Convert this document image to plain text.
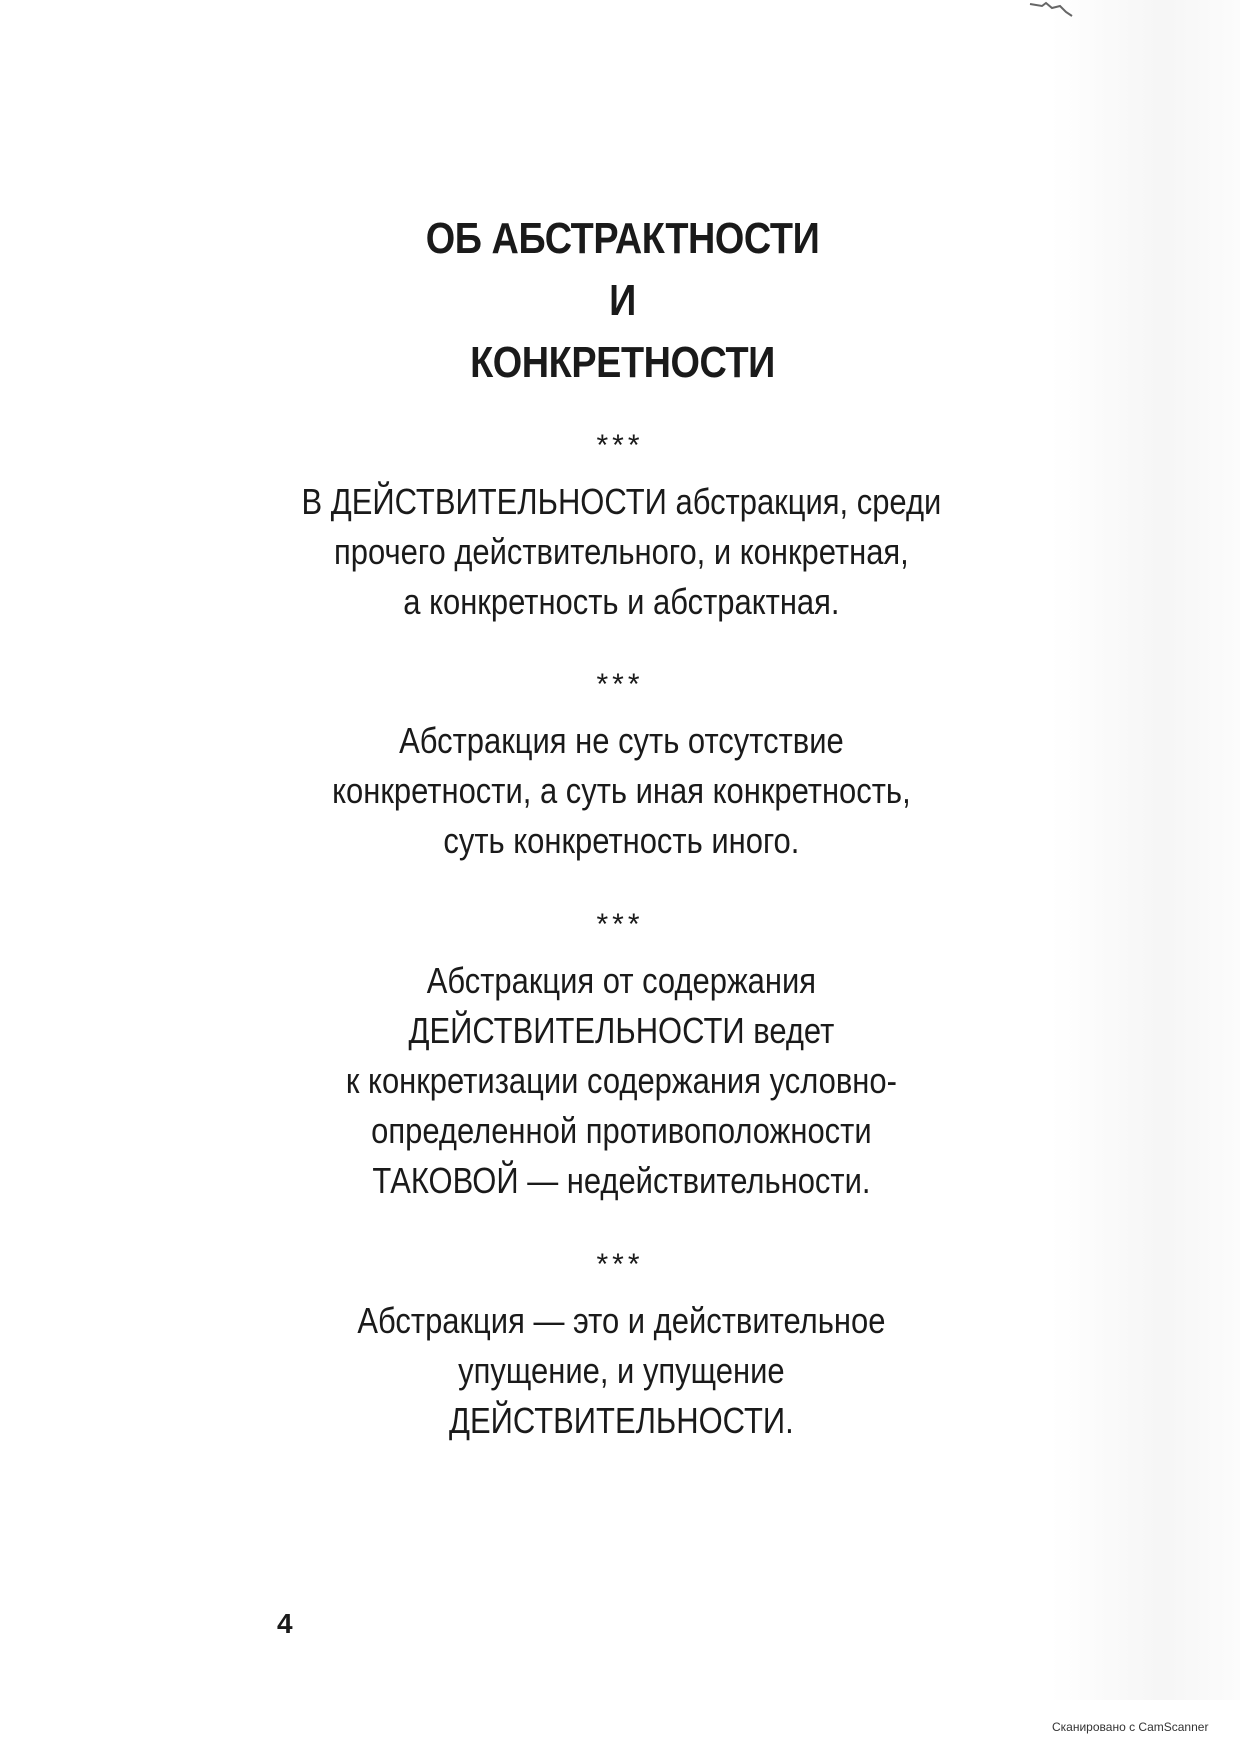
ОБ АБСТРАКТНОСТИ
И
КОНКРЕТНОСТИ
***
В ДЕЙСТВИТЕЛЬНОСТИ абстракция, среди
прочего действительного, и конкретная,
а конкретность и абстрактная.
***
Абстракция не суть отсутствие
конкретности, а суть иная конкретность,
суть конкретность иного.
***
Абстракция от содержания
ДЕЙСТВИТЕЛЬНОСТИ ведет
к конкретизации содержания условно-
определенной противоположности
ТАКОВОЙ — недействительности.
***
Абстракция — это и действительное
упущение, и упущение
ДЕЙСТВИТЕЛЬНОСТИ.
4
Сканировано с CamScanner
